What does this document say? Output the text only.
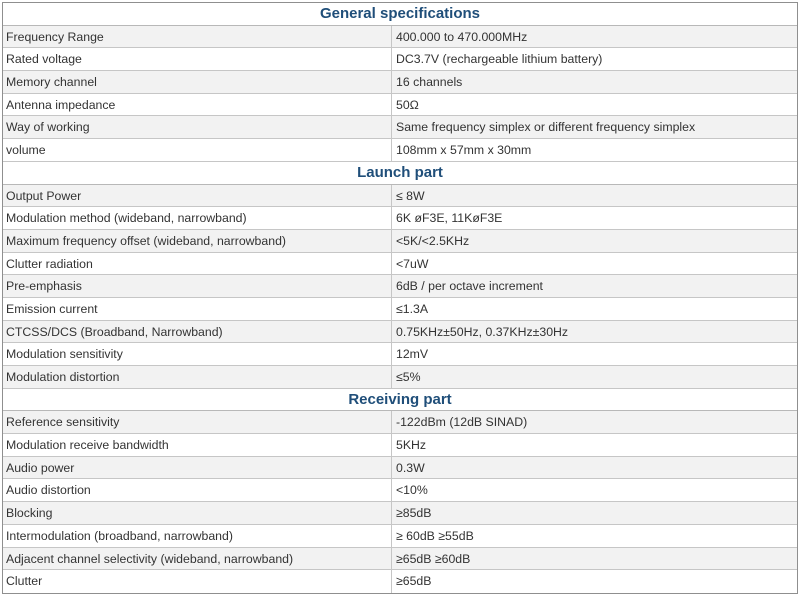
General specifications
Frequency Range	400.000 to 470.000MHz
Rated voltage	DC3.7V (rechargeable lithium battery)
Memory channel	16 channels
Antenna impedance	50Ω
Way of working	Same frequency simplex or different frequency simplex
volume	108mm x 57mm x 30mm
Launch part
Output Power	≤ 8W
Modulation method (wideband, narrowband)	6K øF3E, 11KøF3E
Maximum frequency offset (wideband, narrowband)	<5K/<2.5KHz
Clutter radiation	<7uW
Pre-emphasis	6dB / per octave increment
Emission current	≤1.3A
CTCSS/DCS (Broadband, Narrowband)	0.75KHz±50Hz, 0.37KHz±30Hz
Modulation sensitivity	12mV
Modulation distortion	≤5%
Receiving part
Reference sensitivity	-122dBm (12dB SINAD)
Modulation receive bandwidth	5KHz
Audio power	0.3W
Audio distortion	<10%
Blocking	≥85dB
Intermodulation (broadband, narrowband)	≥ 60dB ≥55dB
Adjacent channel selectivity (wideband, narrowband)	≥65dB ≥60dB
Clutter	≥65dB
